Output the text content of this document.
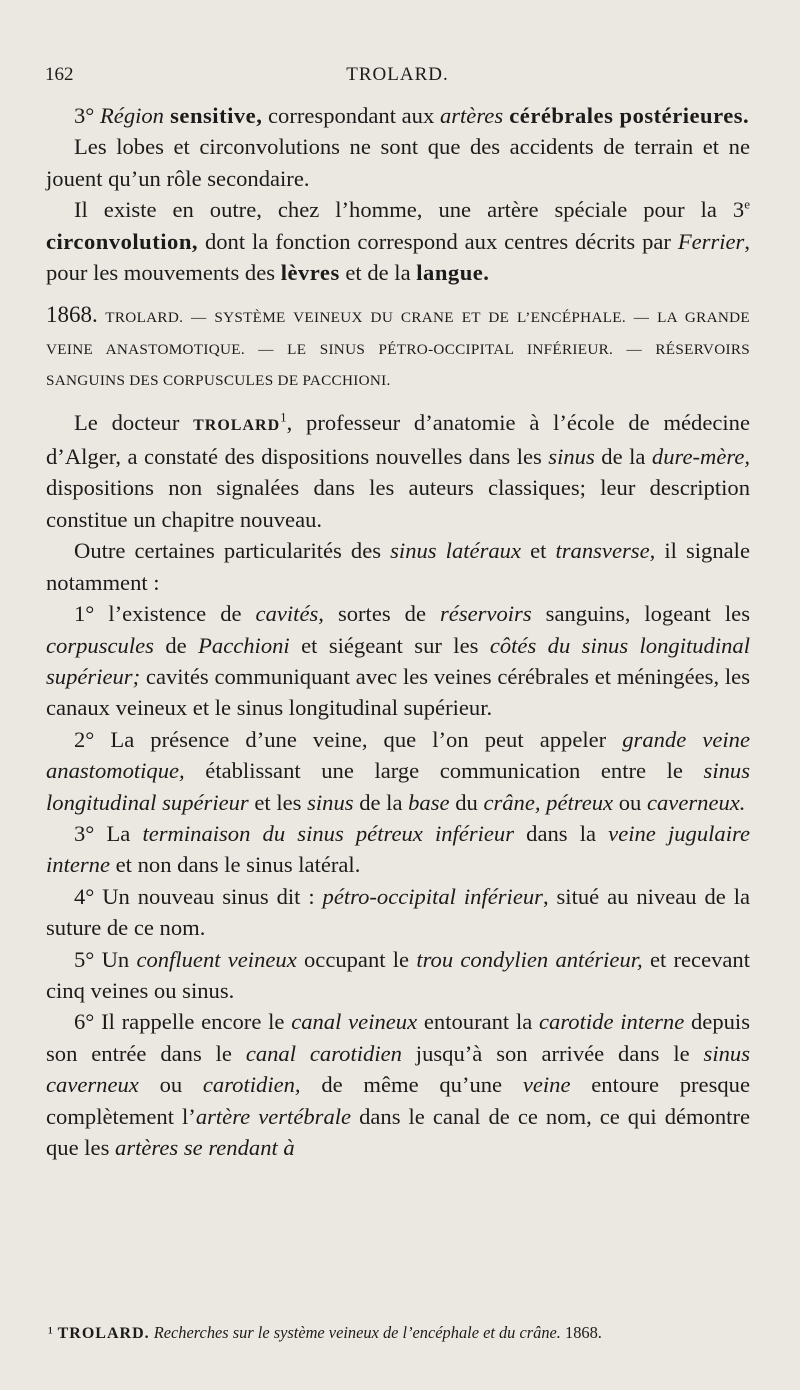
162	TROLARD.

3° Région sensitive, correspondant aux artères cérébrales postérieures.

Les lobes et circonvolutions ne sont que des accidents de terrain et ne jouent qu’un rôle secondaire.

Il existe en outre, chez l’homme, une artère spéciale pour la 3e circonvolution, dont la fonction correspond aux centres décrits par Ferrier, pour les mouvements des lèvres et de la langue.

1868. TROLARD. — SYSTÈME VEINEUX DU CRANE ET DE L’ENCÉPHALE. — LA GRANDE VEINE ANASTOMOTIQUE. — LE SINUS PÉTRO-OCCIPITAL INFÉRIEUR. — RÉSERVOIRS SANGUINS DES CORPUSCULES DE PACCHIONI.

Le docteur TROLARD$^1$, professeur d’anatomie à l’école de médecine d’Alger, a constaté des dispositions nouvelles dans les sinus de la dure-mère, dispositions non signalées dans les auteurs classiques; leur description constitue un chapitre nouveau.

Outre certaines particularités des sinus latéraux et transverse, il signale notamment :

1° l’existence de cavités, sortes de réservoirs sanguins, logeant les corpuscules de Pacchioni et siégeant sur les côtés du sinus longitudinal supérieur; cavités communiquant avec les veines cérébrales et méningées, les canaux veineux et le sinus longitudinal supérieur.

2° La présence d’une veine, que l’on peut appeler grande veine anastomotique, établissant une large communication entre le sinus longitudinal supérieur et les sinus de la base du crâne, pétreux ou caverneux.

3° La terminaison du sinus pétreux inférieur dans la veine jugulaire interne et non dans le sinus latéral.

4° Un nouveau sinus dit : pétro-occipital inférieur, situé au niveau de la suture de ce nom.

5° Un confluent veineux occupant le trou condylien antérieur, et recevant cinq veines ou sinus.

6° Il rappelle encore le canal veineux entourant la carotide interne depuis son entrée dans le canal carotidien jusqu’à son arrivée dans le sinus caverneux ou carotidien, de même qu’une veine entoure presque complètement l’artère vertébrale dans le canal de ce nom, ce qui démontre que les artères se rendant à

¹ TROLARD. Recherches sur le système veineux de l’encéphale et du crâne. 1868.
